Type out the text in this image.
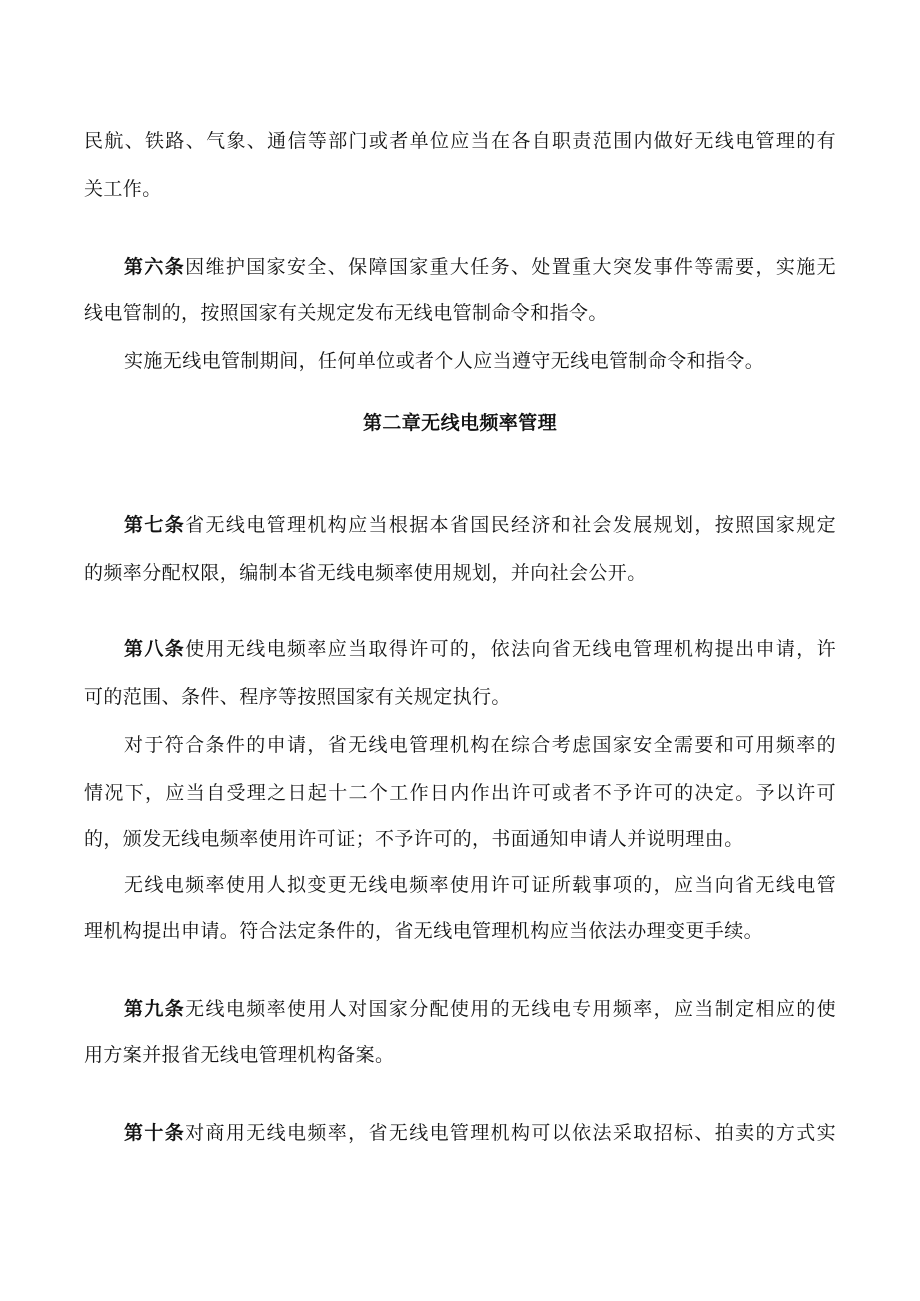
民航、铁路、气象、通信等部门或者单位应当在各自职责范围内做好无线电管理的有
关工作。
第六条因维护国家安全、保障国家重大任务、处置重大突发事件等需要，实施无
线电管制的，按照国家有关规定发布无线电管制命令和指令。
实施无线电管制期间，任何单位或者个人应当遵守无线电管制命令和指令。
第二章无线电频率管理
第七条省无线电管理机构应当根据本省国民经济和社会发展规划，按照国家规定
的频率分配权限，编制本省无线电频率使用规划，并向社会公开。
第八条使用无线电频率应当取得许可的，依法向省无线电管理机构提出申请，许
可的范围、条件、程序等按照国家有关规定执行。
对于符合条件的申请，省无线电管理机构在综合考虑国家安全需要和可用频率的
情况下，应当自受理之日起十二个工作日内作出许可或者不予许可的决定。予以许可
的，颁发无线电频率使用许可证；不予许可的，书面通知申请人并说明理由。
无线电频率使用人拟变更无线电频率使用许可证所载事项的，应当向省无线电管
理机构提出申请。符合法定条件的，省无线电管理机构应当依法办理变更手续。
第九条无线电频率使用人对国家分配使用的无线电专用频率，应当制定相应的使
用方案并报省无线电管理机构备案。
第十条对商用无线电频率，省无线电管理机构可以依法采取招标、拍卖的方式实
